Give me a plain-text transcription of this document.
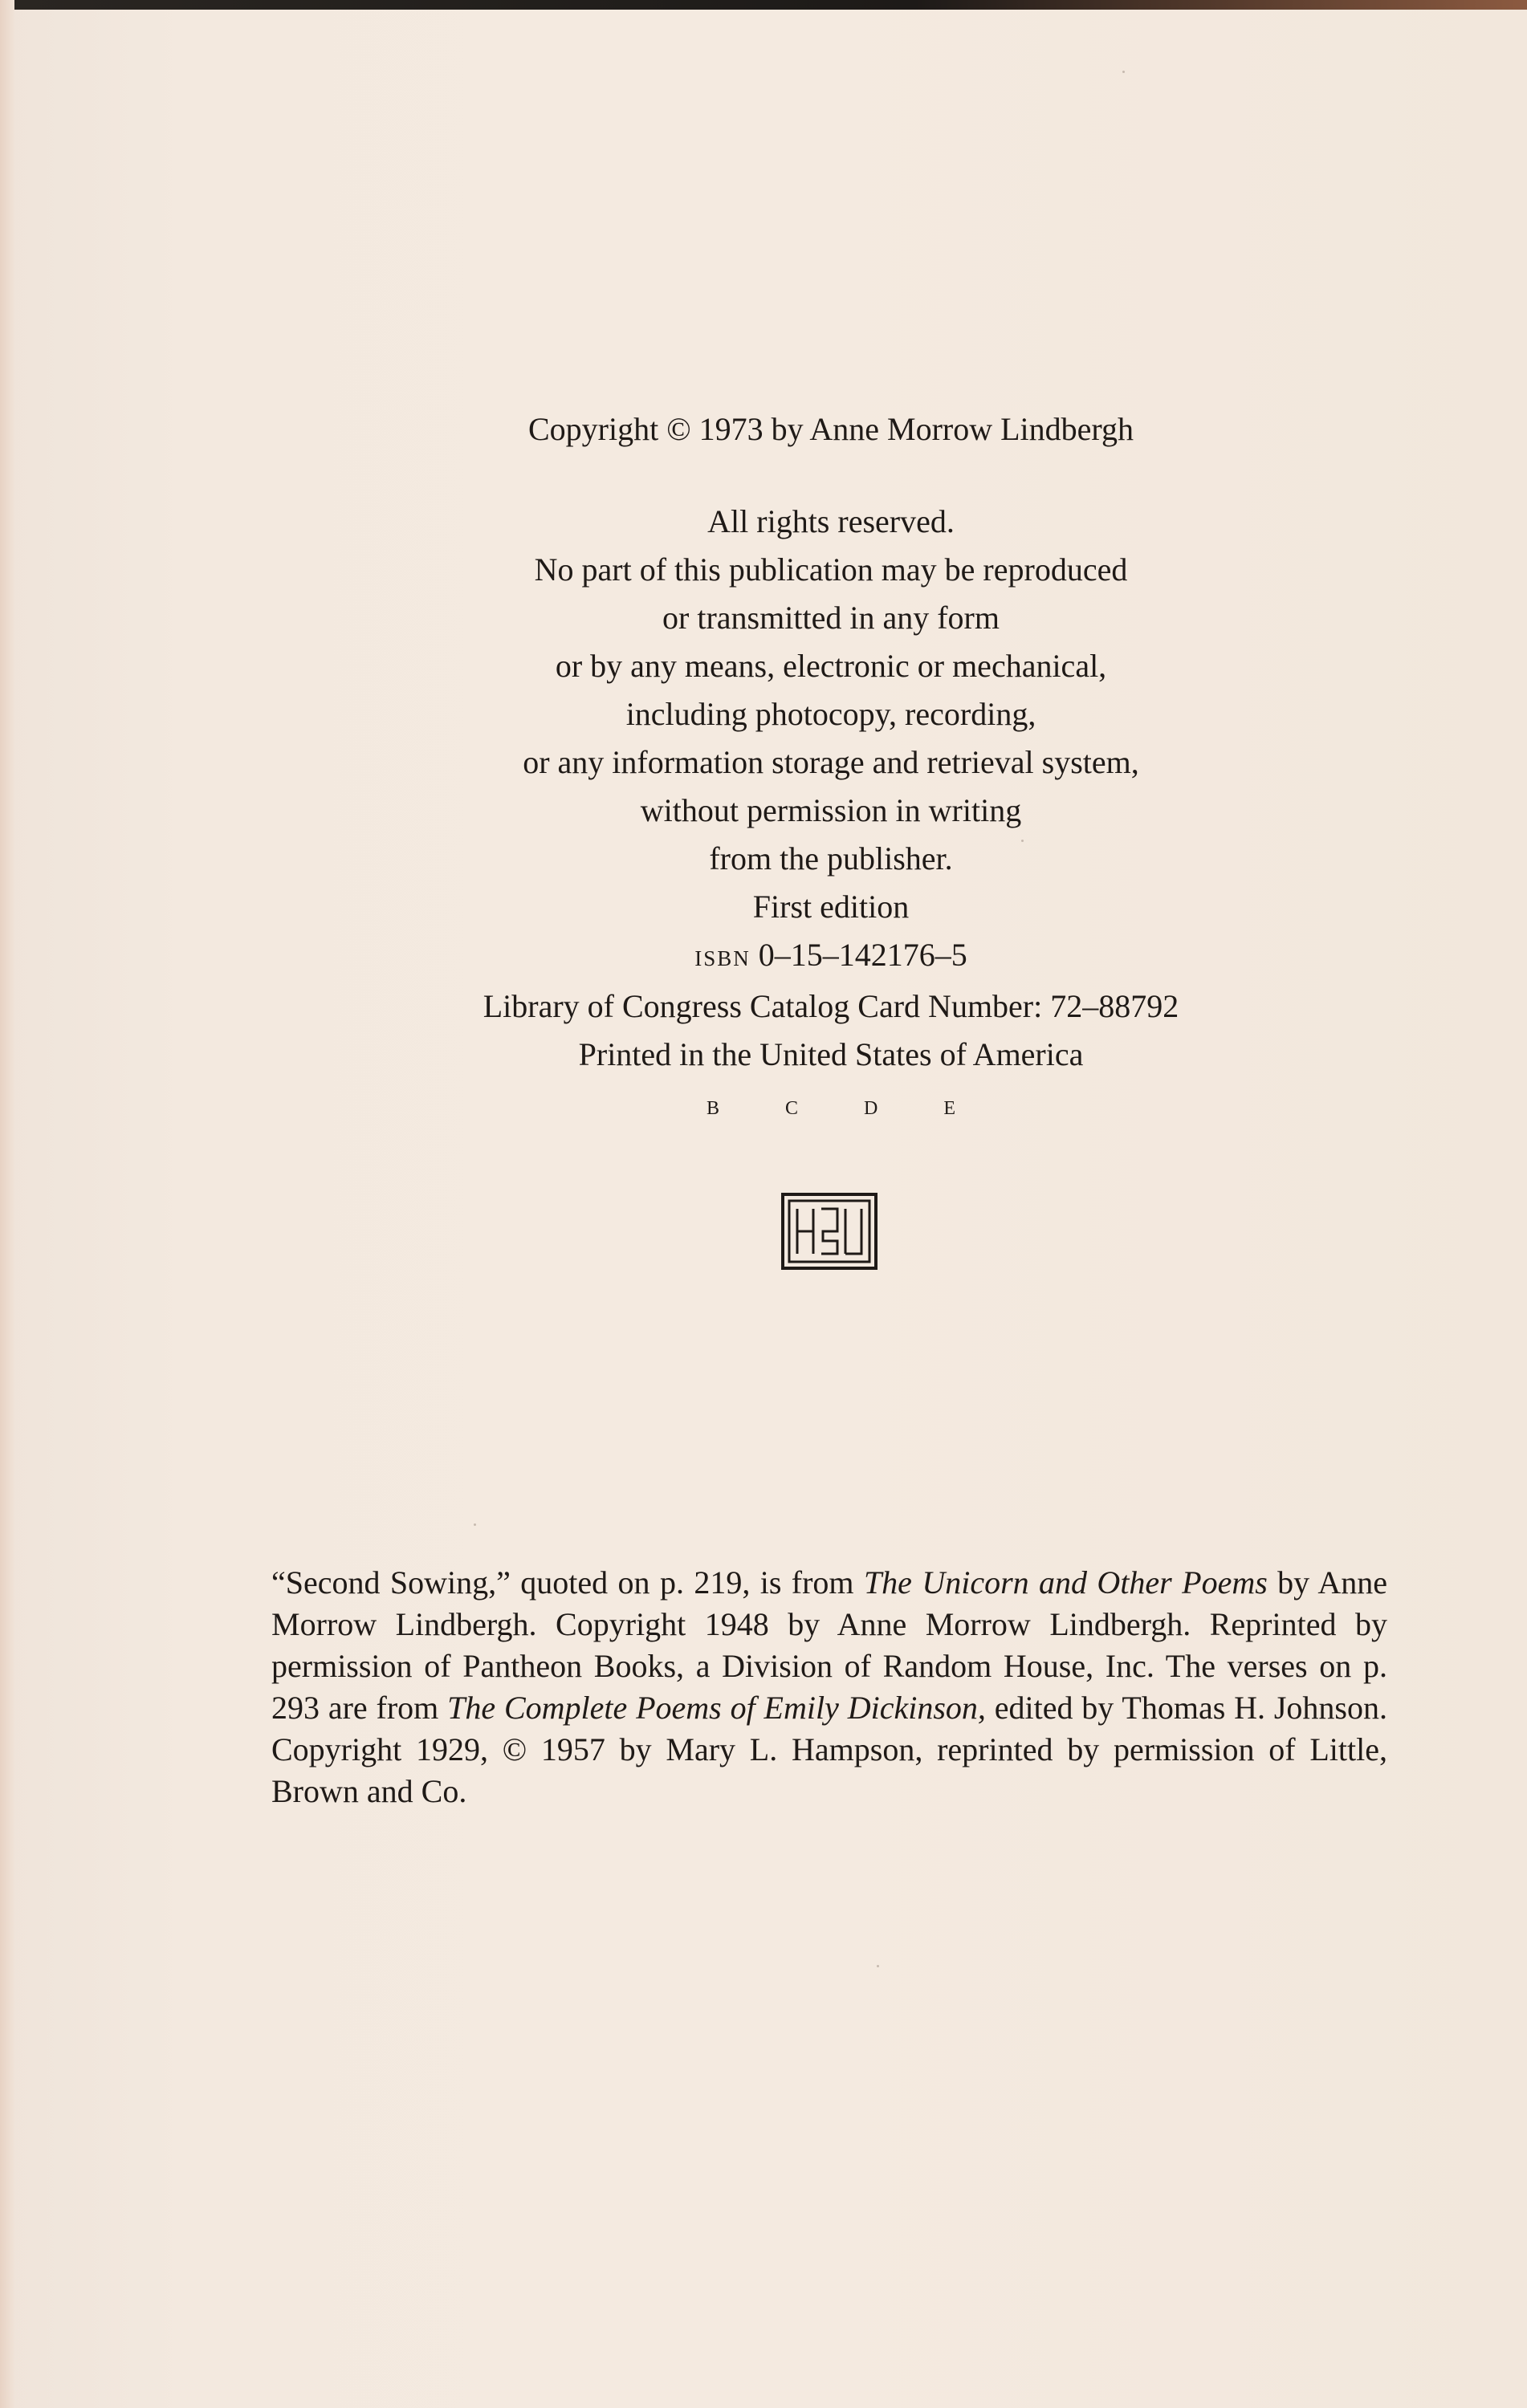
Copyright © 1973 by Anne Morrow Lindbergh
All rights reserved.
No part of this publication may be reproduced
or transmitted in any form
or by any means, electronic or mechanical,
including photocopy, recording,
or any information storage and retrieval system,
without permission in writing
from the publisher.
First edition
ISBN 0–15–142176–5
Library of Congress Catalog Card Number: 72–88792
Printed in the United States of America
B C D E
“Second Sowing,” quoted on p. 219, is from The Unicorn and Other Poems by Anne Morrow Lindbergh. Copyright 1948 by Anne Morrow Lindbergh. Reprinted by permission of Pantheon Books, a Division of Random House, Inc. The verses on p. 293 are from The Complete Poems of Emily Dickinson, edited by Thomas H. Johnson. Copyright 1929, © 1957 by Mary L. Hampson, reprinted by permission of Little, Brown and Co.
